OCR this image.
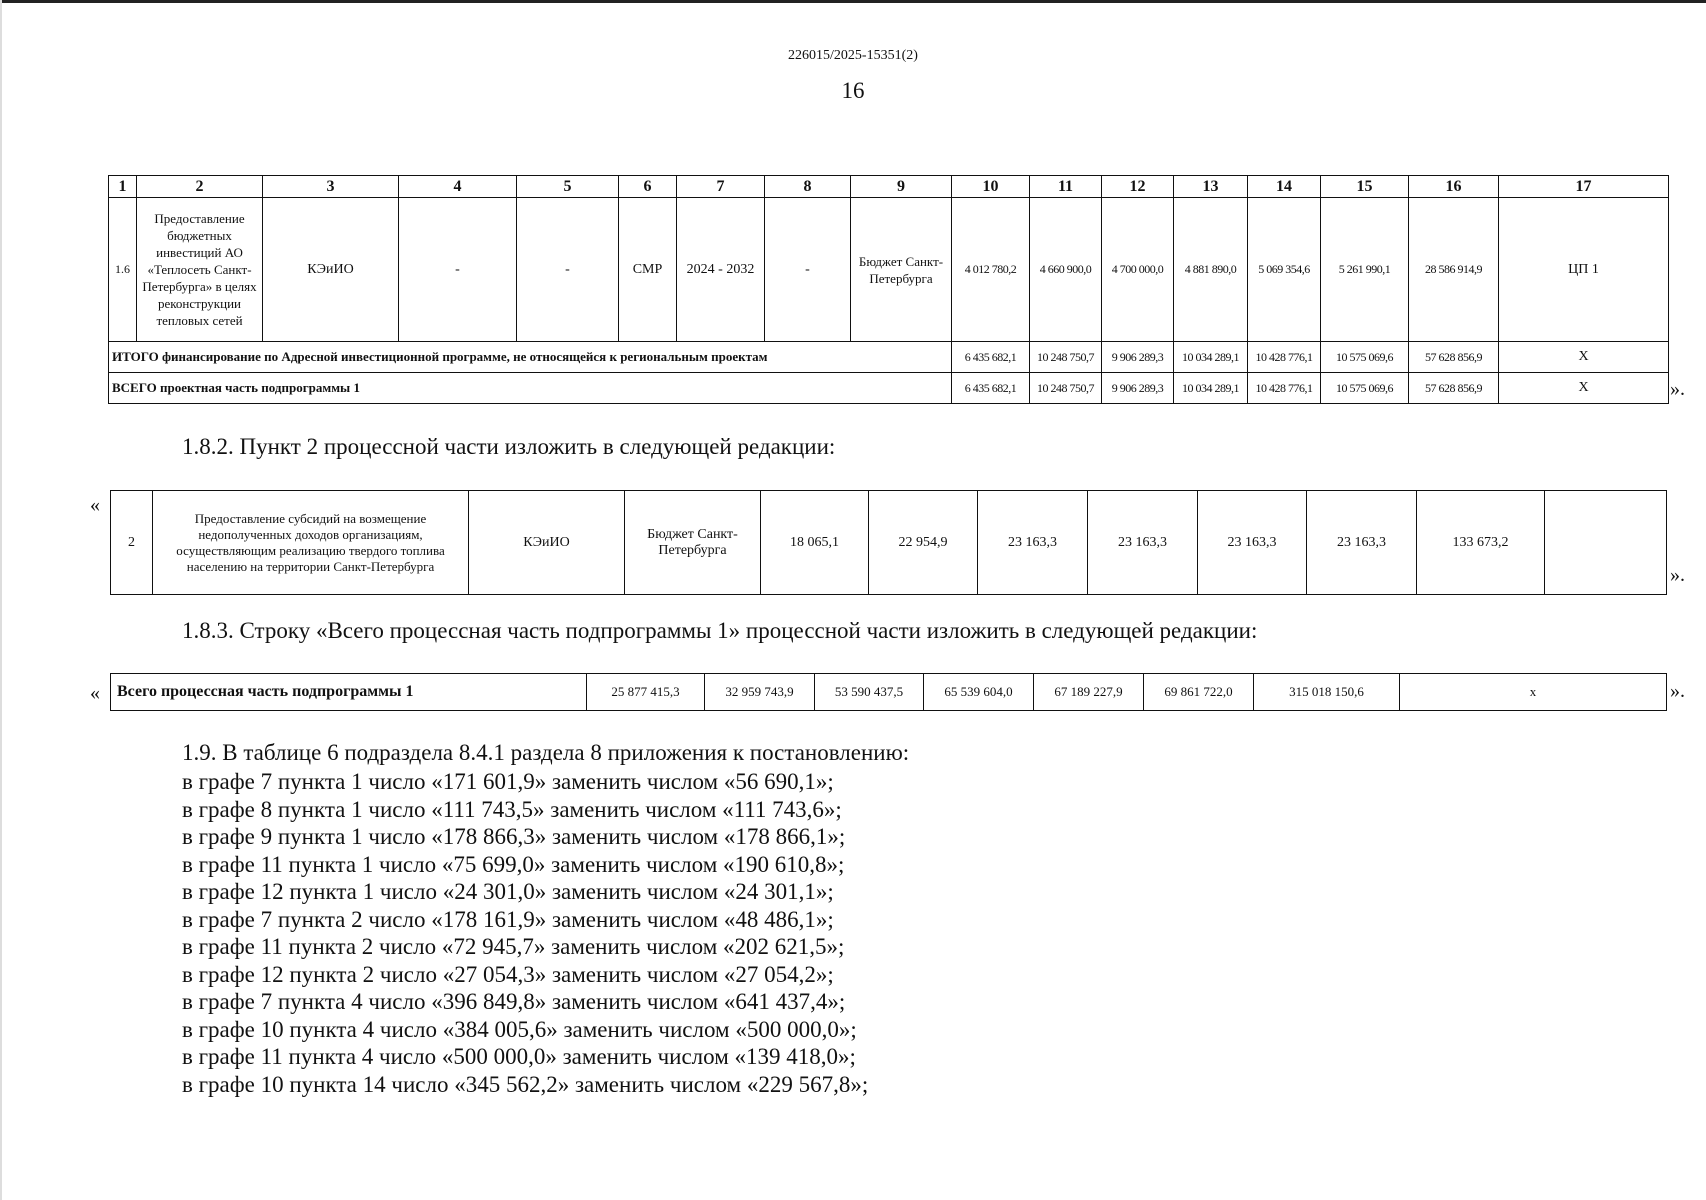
226015/2025-15351(2)
16
1	2	3	4	5	6	7	8	9	10	11	12	13	14	15	16	17
1.6	Предоставление бюджетных инвестиций АО «Теплосеть Санкт-Петербурга» в целях реконструкции тепловых сетей	КЭиИО	-	-	СМР	2024 - 2032	-	Бюджет Санкт-Петербурга	4 012 780,2	4 660 900,0	4 700 000,0	4 881 890,0	5 069 354,6	5 261 990,1	28 586 914,9	ЦП 1
ИТОГО финансирование по Адресной инвестиционной программе, не относящейся к региональным проектам									6 435 682,1	10 248 750,7	9 906 289,3	10 034 289,1	10 428 776,1	10 575 069,6	57 628 856,9	Х
ВСЕГО проектная часть подпрограммы 1									6 435 682,1	10 248 750,7	9 906 289,3	10 034 289,1	10 428 776,1	10 575 069,6	57 628 856,9	Х	».

1.8.2. Пункт 2 процессной части изложить в следующей редакции:

«
2	Предоставление субсидий на возмещение недополученных доходов организациям, осуществляющим реализацию твердого топлива населению на территории Санкт-Петербурга	КЭиИО	Бюджет Санкт-Петербурга	18 065,1	22 954,9	23 163,3	23 163,3	23 163,3	23 163,3	133 673,2	
».

1.8.3. Строку «Всего процессная часть подпрограммы 1» процессной части изложить в следующей редакции:

« Всего процессная часть подпрограммы 1	25 877 415,3	32 959 743,9	53 590 437,5	65 539 604,0	67 189 227,9	69 861 722,0	315 018 150,6	х	».

1.9. В таблице 6 подраздела 8.4.1 раздела 8 приложения к постановлению:

в графе 7 пункта 1 число «171 601,9» заменить числом «56 690,1»;
в графе 8 пункта 1 число «111 743,5» заменить числом «111 743,6»;
в графе 9 пункта 1 число «178 866,3» заменить числом «178 866,1»;
в графе 11 пункта 1 число «75 699,0» заменить числом «190 610,8»;
в графе 12 пункта 1 число «24 301,0» заменить числом «24 301,1»;
в графе 7 пункта 2 число «178 161,9» заменить числом «48 486,1»;
в графе 11 пункта 2 число «72 945,7» заменить числом «202 621,5»;
в графе 12 пункта 2 число «27 054,3» заменить числом «27 054,2»;
в графе 7 пункта 4 число «396 849,8» заменить числом «641 437,4»;
в графе 10 пункта 4 число «384 005,6» заменить числом «500 000,0»;
в графе 11 пункта 4 число «500 000,0» заменить числом «139 418,0»;
в графе 10 пункта 14 число «345 562,2» заменить числом «229 567,8»;
